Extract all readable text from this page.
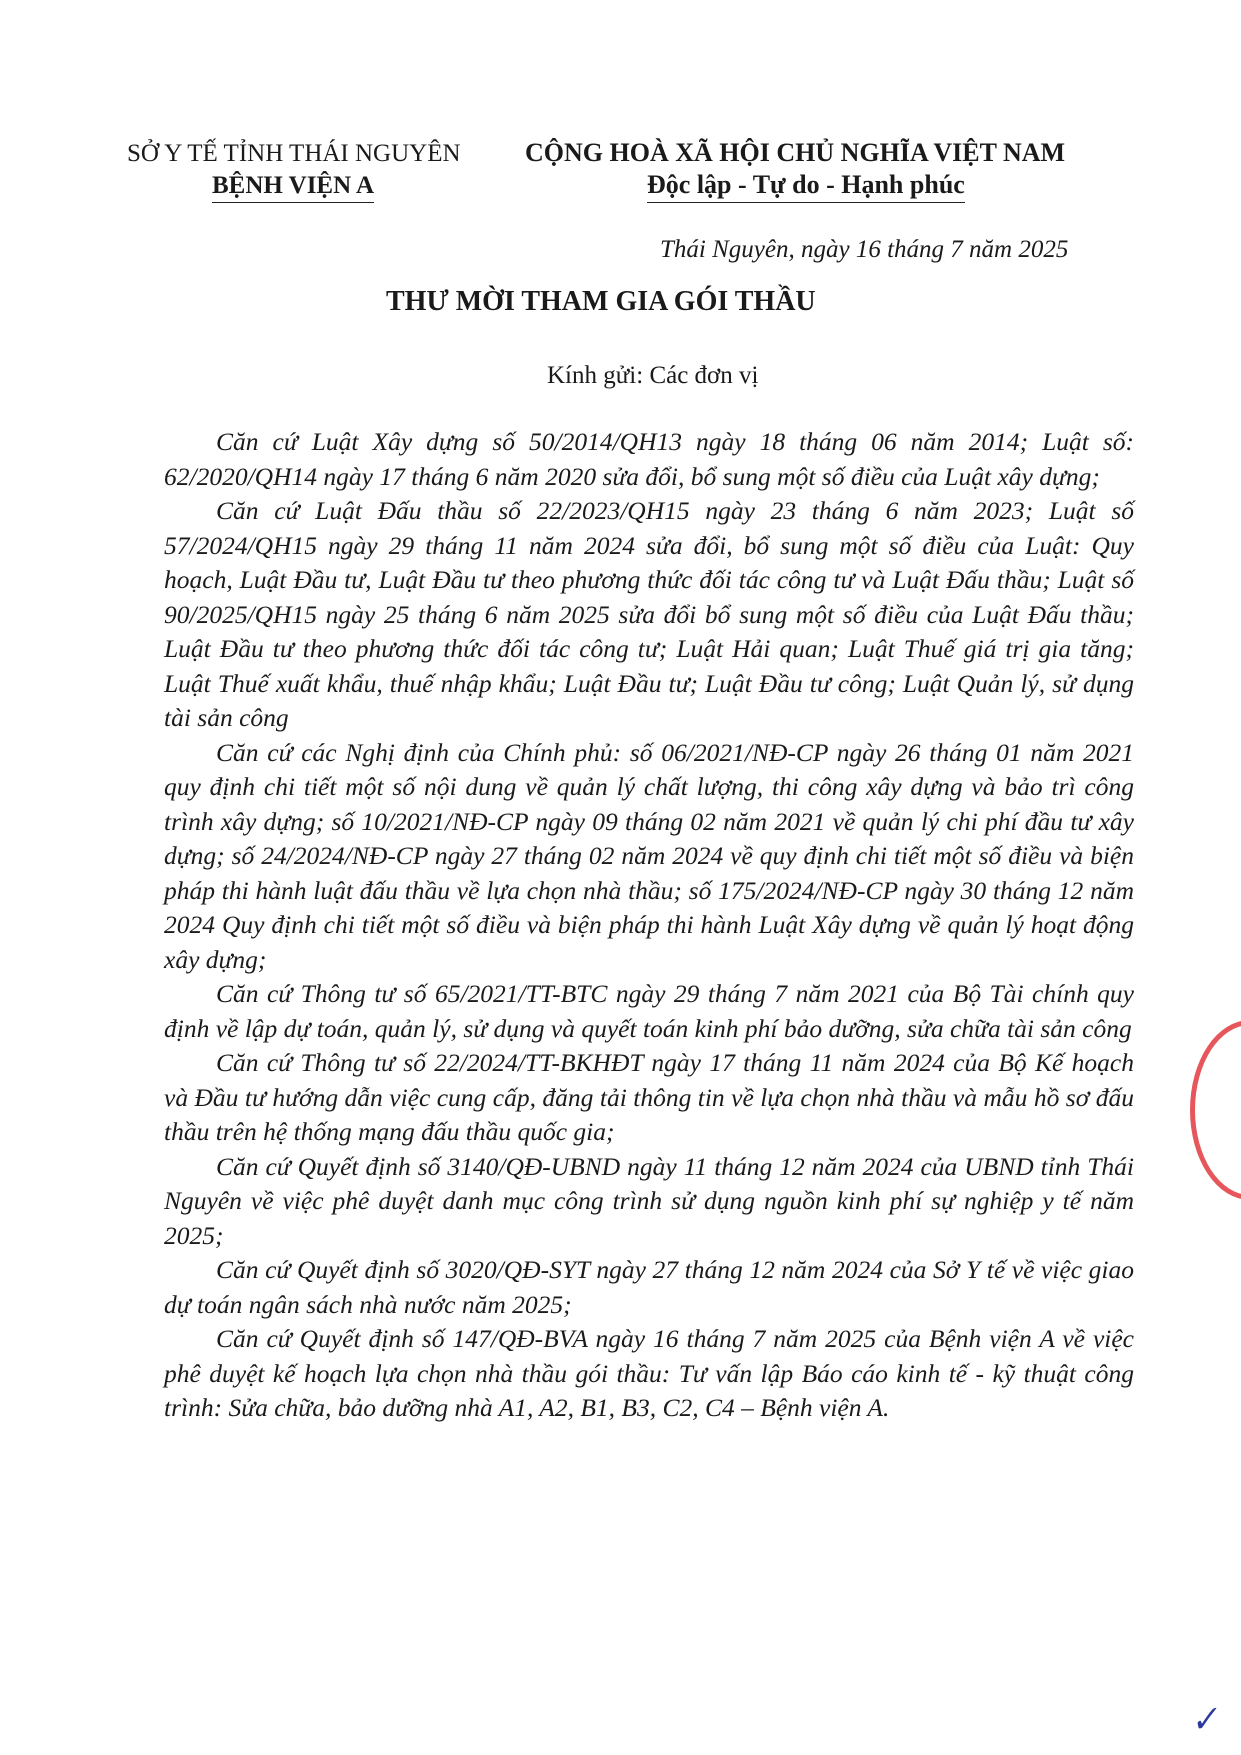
SỞ Y TẾ TỈNH THÁI NGUYÊN
BỆNH VIỆN A
CỘNG HOÀ XÃ HỘI CHỦ NGHĨA VIỆT NAM
Độc lập - Tự do - Hạnh phúc
Thái Nguyên, ngày 16 tháng 7 năm 2025
THƯ MỜI THAM GIA GÓI THẦU
Kính gửi: Các đơn vị

Căn cứ Luật Xây dựng số 50/2014/QH13 ngày 18 tháng 06 năm 2014; Luật số: 62/2020/QH14 ngày 17 tháng 6 năm 2020 sửa đổi, bổ sung một số điều của Luật xây dựng;

Căn cứ Luật Đấu thầu số 22/2023/QH15 ngày 23 tháng 6 năm 2023; Luật số 57/2024/QH15 ngày 29 tháng 11 năm 2024 sửa đổi, bổ sung một số điều của Luật: Quy hoạch, Luật Đầu tư, Luật Đầu tư theo phương thức đối tác công tư và Luật Đấu thầu; Luật số 90/2025/QH15 ngày 25 tháng 6 năm 2025 sửa đổi bổ sung một số điều của Luật Đấu thầu; Luật Đầu tư theo phương thức đối tác công tư; Luật Hải quan; Luật Thuế giá trị gia tăng; Luật Thuế xuất khẩu, thuế nhập khẩu; Luật Đầu tư; Luật Đầu tư công; Luật Quản lý, sử dụng tài sản công

Căn cứ các Nghị định của Chính phủ: số 06/2021/NĐ-CP ngày 26 tháng 01 năm 2021 quy định chi tiết một số nội dung về quản lý chất lượng, thi công xây dựng và bảo trì công trình xây dựng; số 10/2021/NĐ-CP ngày 09 tháng 02 năm 2021 về quản lý chi phí đầu tư xây dựng; số 24/2024/NĐ-CP ngày 27 tháng 02 năm 2024 về quy định chi tiết một số điều và biện pháp thi hành luật đấu thầu về lựa chọn nhà thầu; số 175/2024/NĐ-CP ngày 30 tháng 12 năm 2024 Quy định chi tiết một số điều và biện pháp thi hành Luật Xây dựng về quản lý hoạt động xây dựng;

Căn cứ Thông tư số 65/2021/TT-BTC ngày 29 tháng 7 năm 2021 của Bộ Tài chính quy định về lập dự toán, quản lý, sử dụng và quyết toán kinh phí bảo dưỡng, sửa chữa tài sản công

Căn cứ Thông tư số 22/2024/TT-BKHĐT ngày 17 tháng 11 năm 2024 của Bộ Kế hoạch và Đầu tư hướng dẫn việc cung cấp, đăng tải thông tin về lựa chọn nhà thầu và mẫu hồ sơ đấu thầu trên hệ thống mạng đấu thầu quốc gia;

Căn cứ Quyết định số 3140/QĐ-UBND ngày 11 tháng 12 năm 2024 của UBND tỉnh Thái Nguyên về việc phê duyệt danh mục công trình sử dụng nguồn kinh phí sự nghiệp y tế năm 2025;

Căn cứ Quyết định số 3020/QĐ-SYT ngày 27 tháng 12 năm 2024 của Sở Y tế về việc giao dự toán ngân sách nhà nước năm 2025;

Căn cứ Quyết định số 147/QĐ-BVA ngày 16 tháng 7 năm 2025 của Bệnh viện A về việc phê duyệt kế hoạch lựa chọn nhà thầu gói thầu: Tư vấn lập Báo cáo kinh tế - kỹ thuật công trình: Sửa chữa, bảo dưỡng nhà A1, A2, B1, B3, C2, C4 – Bệnh viện A.

✓
